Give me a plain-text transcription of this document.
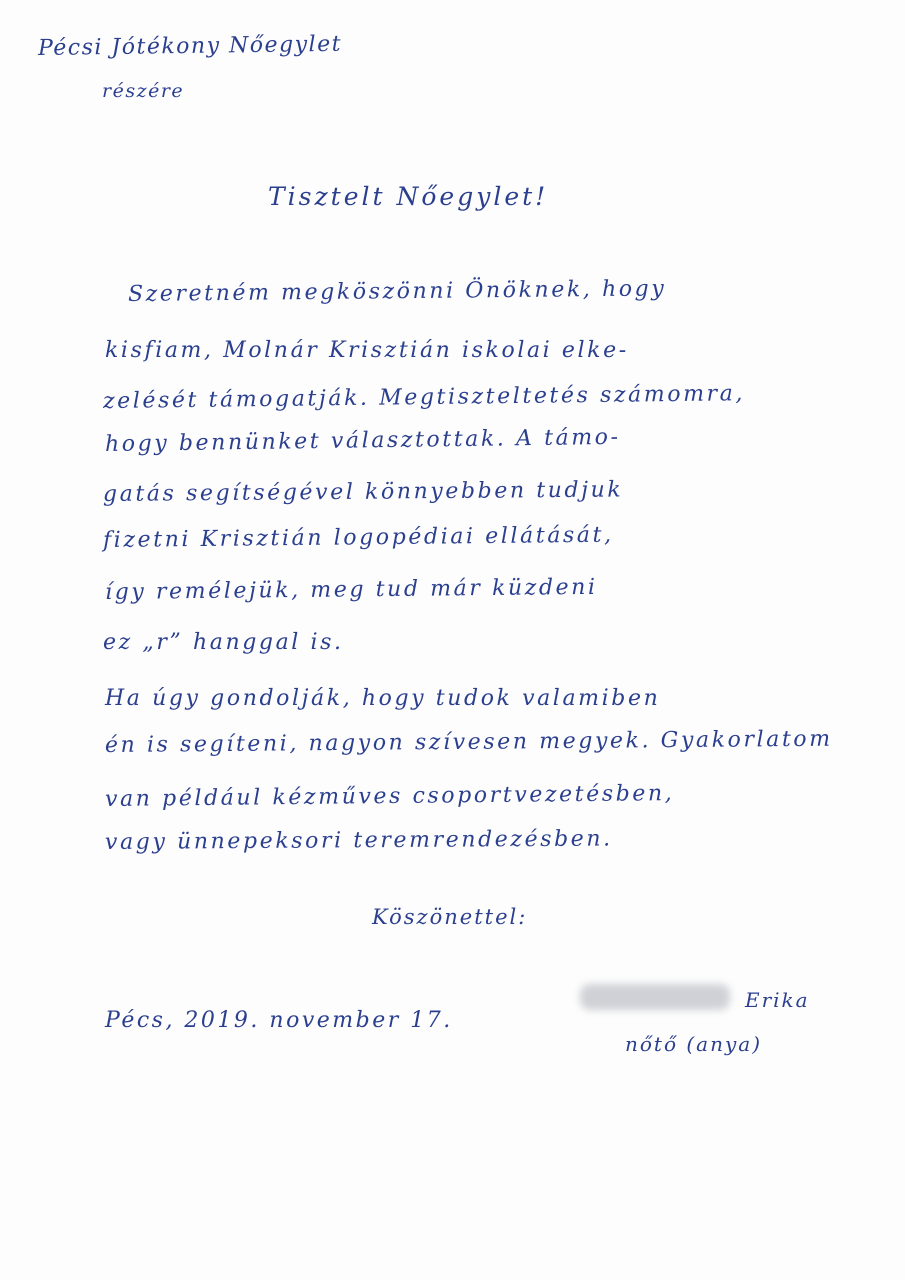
Pécsi Jótékony Nőegylet
részére
Tisztelt Nőegylet!
Szeretném megköszönni Önöknek, hogy
kisfiam, Molnár Krisztián iskolai elke-
zelését támogatják. Megtiszteltetés számomra,
hogy bennünket választottak. A támo-
gatás segítségével könnyebben tudjuk
fizetni Krisztián logopédiai ellátását,
így remélejük, meg tud már küzdeni
ez „r” hanggal is.
Ha úgy gondolják, hogy tudok valamiben
én is segíteni, nagyon szívesen megyek. Gyakorlatom
van például kézműves csoportvezetésben,
vagy ünnepeksori teremrendezésben.
Köszönettel:
Pécs, 2019. november 17.
Erika
nőtő (anya)
